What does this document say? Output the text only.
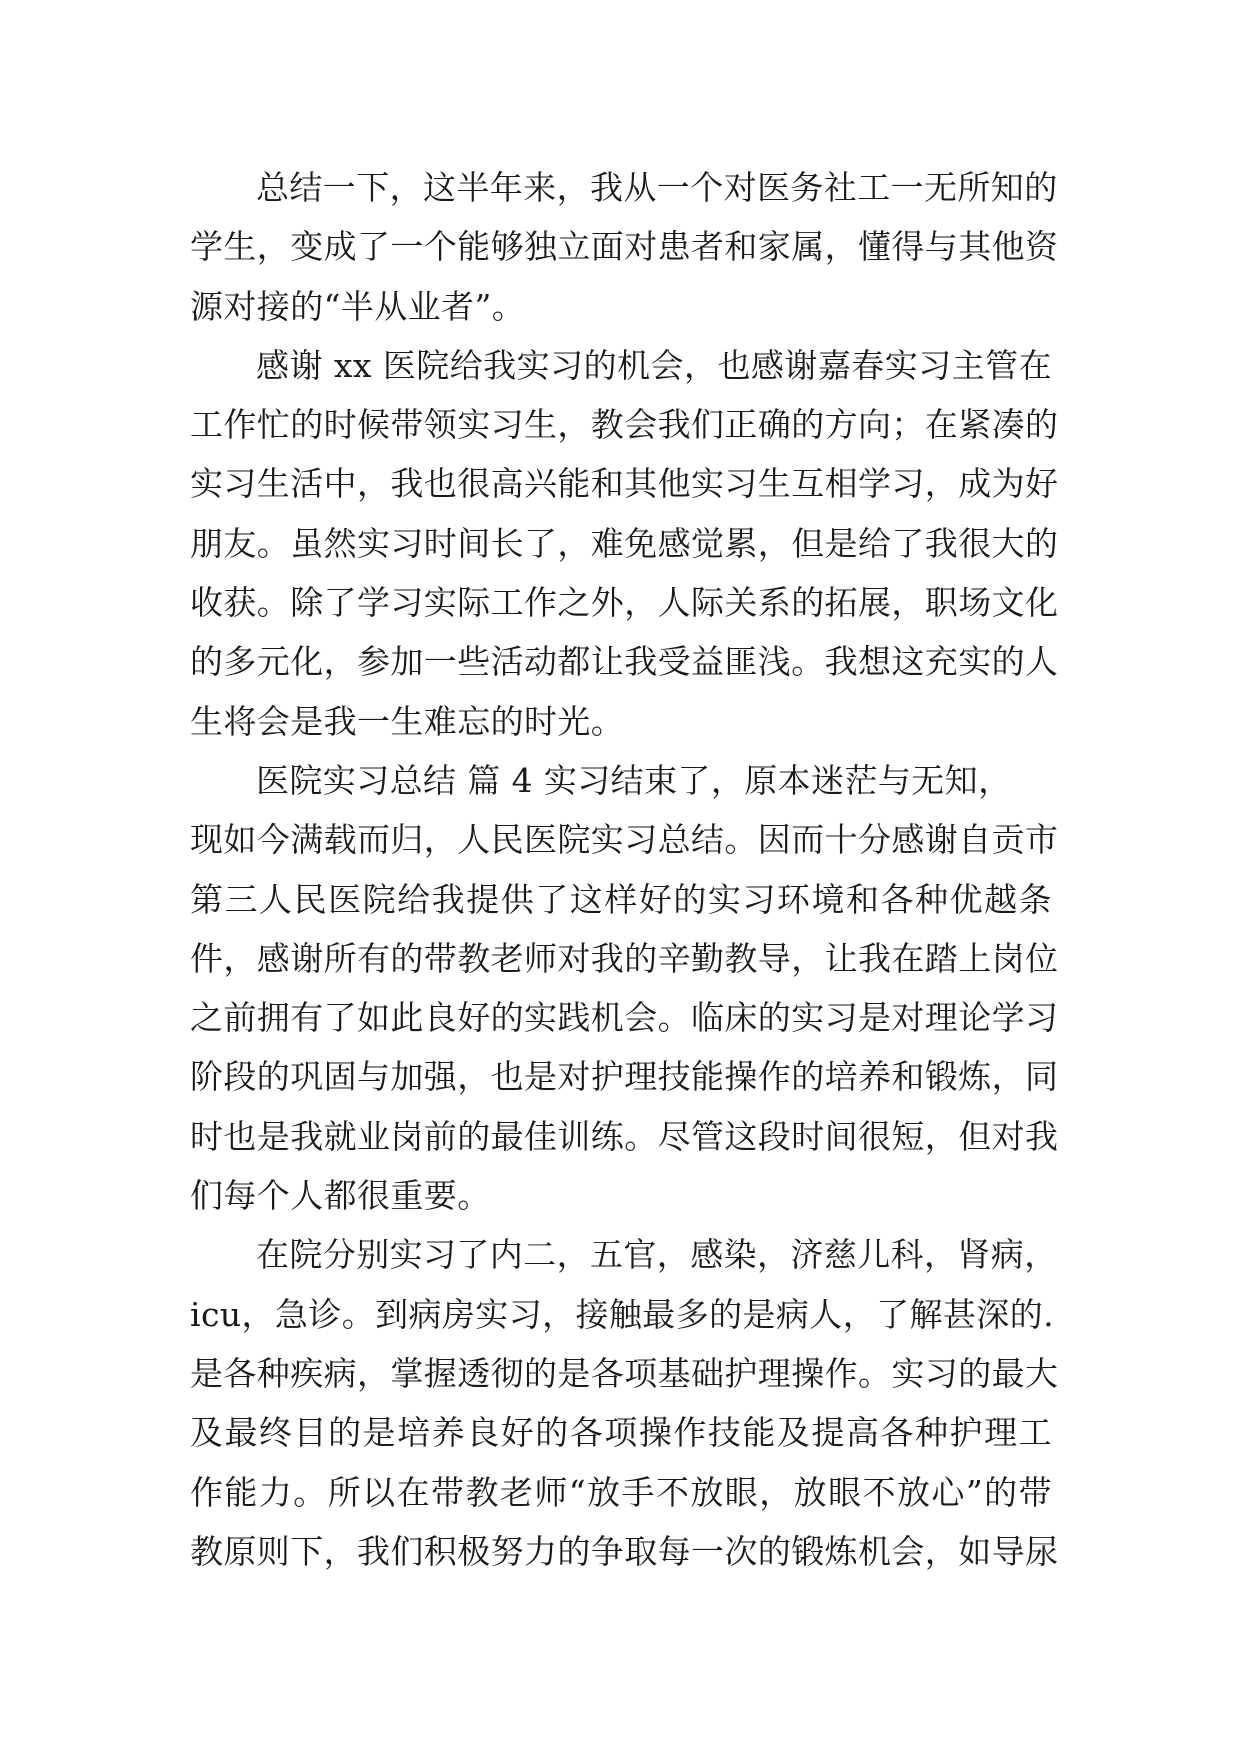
总结一下，这半年来，我从一个对医务社工一无所知的
学生，变成了一个能够独立面对患者和家属，懂得与其他资
源对接的“半从业者”。
感谢 xx 医院给我实习的机会，也感谢嘉春实习主管在
工作忙的时候带领实习生，教会我们正确的方向；在紧凑的
实习生活中，我也很高兴能和其他实习生互相学习，成为好
朋友。虽然实习时间长了，难免感觉累，但是给了我很大的
收获。除了学习实际工作之外，人际关系的拓展，职场文化
的多元化，参加一些活动都让我受益匪浅。我想这充实的人
生将会是我一生难忘的时光。
医院实习总结 篇 4 实习结束了，原本迷茫与无知，
现如今满载而归，人民医院实习总结。因而十分感谢自贡市
第三人民医院给我提供了这样好的实习环境和各种优越条
件，感谢所有的带教老师对我的辛勤教导，让我在踏上岗位
之前拥有了如此良好的实践机会。临床的实习是对理论学习
阶段的巩固与加强，也是对护理技能操作的培养和锻炼，同
时也是我就业岗前的最佳训练。尽管这段时间很短，但对我
们每个人都很重要。
在院分别实习了内二，五官，感染，济慈儿科，肾病，
icu，急诊。到病房实习，接触最多的是病人，了解甚深的.
是各种疾病，掌握透彻的是各项基础护理操作。实习的最大
及最终目的是培养良好的各项操作技能及提高各种护理工
作能力。所以在带教老师“放手不放眼，放眼不放心”的带
教原则下，我们积极努力的争取每一次的锻炼机会，如导尿
